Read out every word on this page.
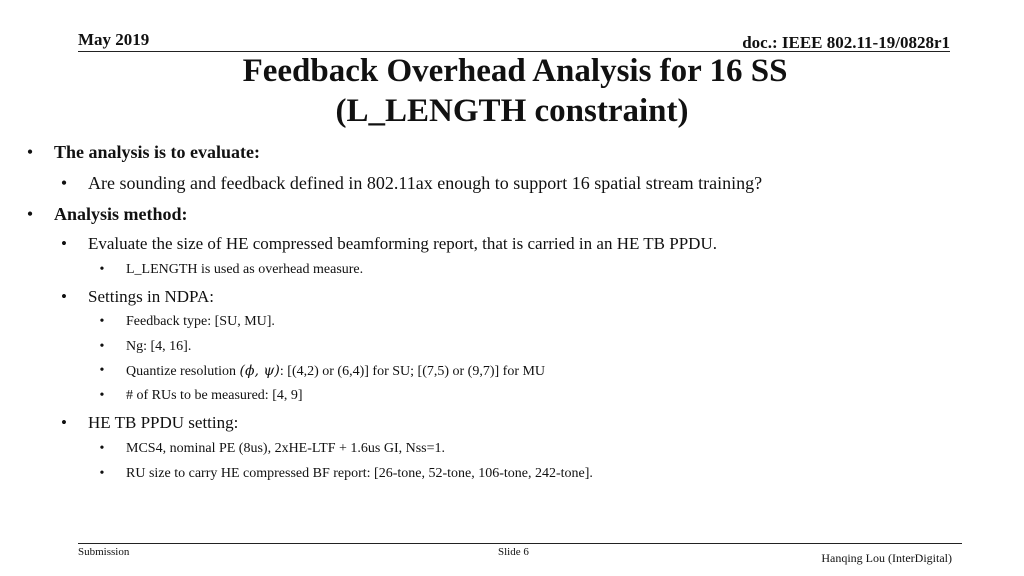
May 2019	doc.: IEEE 802.11-19/0828r1
Feedback Overhead Analysis for 16 SS
(L_LENGTH constraint)
• The analysis is to evaluate:
• Are sounding and feedback defined in 802.11ax enough to support 16 spatial stream training?
• Analysis method:
• Evaluate the size of HE compressed beamforming report, that is carried in an HE TB PPDU.
• L_LENGTH is used as overhead measure.
• Settings in NDPA:
• Feedback type: [SU, MU].
• Ng: [4, 16].
• Quantize resolution (ϕ, ψ): [(4,2) or (6,4)] for SU; [(7,5) or (9,7)] for MU
• # of RUs to be measured: [4, 9]
• HE TB PPDU setting:
• MCS4, nominal PE (8us), 2xHE-LTF + 1.6us GI, Nss=1.
• RU size to carry HE compressed BF report: [26-tone, 52-tone, 106-tone, 242-tone].
Submission	Slide 6	Hanqing Lou (InterDigital)
